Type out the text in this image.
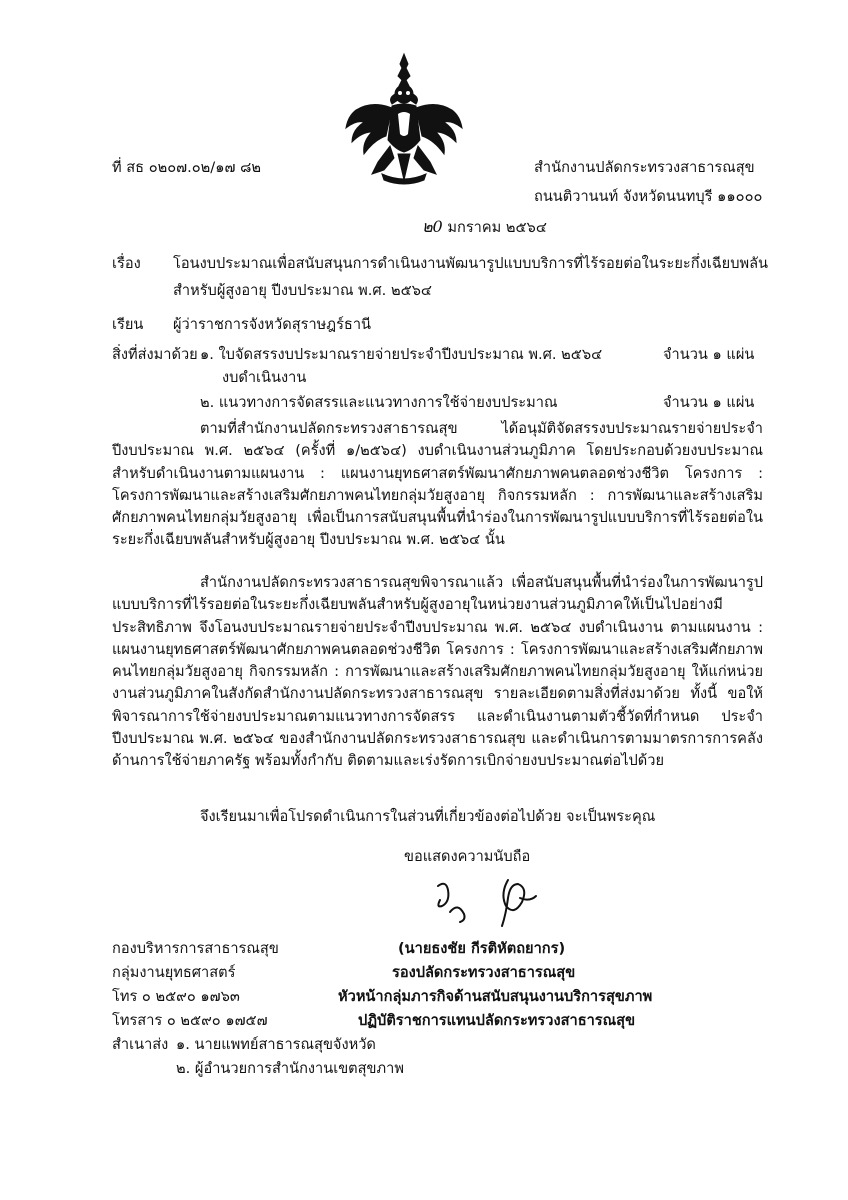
ที่ สธ ๐๒๐๗.๐๒/๑๗ ๘๒	สำนักงานปลัดกระทรวงสาธารณสุข
ถนนติวานนท์ จังหวัดนนทบุรี ๑๑๐๐๐
๒0 มกราคม ๒๕๖๔
เรื่อง โอนงบประมาณเพื่อสนับสนุนการดำเนินงานพัฒนารูปแบบบริการที่ไร้รอยต่อในระยะกึ่งเฉียบพลัน
สำหรับผู้สูงอายุ ปีงบประมาณ พ.ศ. ๒๕๖๔
เรียน ผู้ว่าราชการจังหวัดสุราษฎร์ธานี
สิ่งที่ส่งมาด้วย ๑. ใบจัดสรรงบประมาณรายจ่ายประจำปีงบประมาณ พ.ศ. ๒๕๖๔	จำนวน ๑ แผ่น
งบดำเนินงาน
๒. แนวทางการจัดสรรและแนวทางการใช้จ่ายงบประมาณ	จำนวน ๑ แผ่น

ตามที่สำนักงานปลัดกระทรวงสาธารณสุข ได้อนุมัติจัดสรรงบประมาณรายจ่ายประจำปีงบประมาณ พ.ศ. ๒๕๖๔ (ครั้งที่ ๑/๒๕๖๔) งบดำเนินงานส่วนภูมิภาค โดยประกอบด้วยงบประมาณสำหรับดำเนินงานตามแผนงาน : แผนงานยุทธศาสตร์พัฒนาศักยภาพคนตลอดช่วงชีวิต โครงการ : โครงการพัฒนาและสร้างเสริมศักยภาพคนไทยกลุ่มวัยสูงอายุ กิจกรรมหลัก : การพัฒนาและสร้างเสริมศักยภาพคนไทยกลุ่มวัยสูงอายุ เพื่อเป็นการสนับสนุนพื้นที่นำร่องในการพัฒนารูปแบบบริการที่ไร้รอยต่อในระยะกึ่งเฉียบพลันสำหรับผู้สูงอายุ ปีงบประมาณ พ.ศ. ๒๕๖๔ นั้น

สำนักงานปลัดกระทรวงสาธารณสุขพิจารณาแล้ว เพื่อสนับสนุนพื้นที่นำร่องในการพัฒนารูปแบบบริการที่ไร้รอยต่อในระยะกึ่งเฉียบพลันสำหรับผู้สูงอายุในหน่วยงานส่วนภูมิภาคให้เป็นไปอย่างมีประสิทธิภาพ จึงโอนงบประมาณรายจ่ายประจำปีงบประมาณ พ.ศ. ๒๕๖๔ งบดำเนินงาน ตามแผนงาน : แผนงานยุทธศาสตร์พัฒนาศักยภาพคนตลอดช่วงชีวิต โครงการ : โครงการพัฒนาและสร้างเสริมศักยภาพคนไทยกลุ่มวัยสูงอายุ กิจกรรมหลัก : การพัฒนาและสร้างเสริมศักยภาพคนไทยกลุ่มวัยสูงอายุ ให้แก่หน่วยงานส่วนภูมิภาคในสังกัดสำนักงานปลัดกระทรวงสาธารณสุข รายละเอียดตามสิ่งที่ส่งมาด้วย ทั้งนี้ ขอให้พิจารณาการใช้จ่ายงบประมาณตามแนวทางการจัดสรร และดำเนินงานตามตัวชี้วัดที่กำหนด ประจำปีงบประมาณ พ.ศ. ๒๕๖๔ ของสำนักงานปลัดกระทรวงสาธารณสุข และดำเนินการตามมาตรการการคลังด้านการใช้จ่ายภาครัฐ พร้อมทั้งกำกับ ติดตามและเร่งรัดการเบิกจ่ายงบประมาณต่อไปด้วย

จึงเรียนมาเพื่อโปรดดำเนินการในส่วนที่เกี่ยวข้องต่อไปด้วย จะเป็นพระคุณ
ขอแสดงความนับถือ
(นายธงชัย กีรติหัตถยากร)
รองปลัดกระทรวงสาธารณสุข
หัวหน้ากลุ่มภารกิจด้านสนับสนุนงานบริการสุขภาพ
ปฏิบัติราชการแทนปลัดกระทรวงสาธารณสุข
กองบริหารการสาธารณสุข
กลุ่มงานยุทธศาสตร์
โทร ๐ ๒๕๙๐ ๑๗๖๓
โทรสาร ๐ ๒๕๙๐ ๑๗๕๗
สำเนาส่ง ๑. นายแพทย์สาธารณสุขจังหวัด
๒. ผู้อำนวยการสำนักงานเขตสุขภาพ
